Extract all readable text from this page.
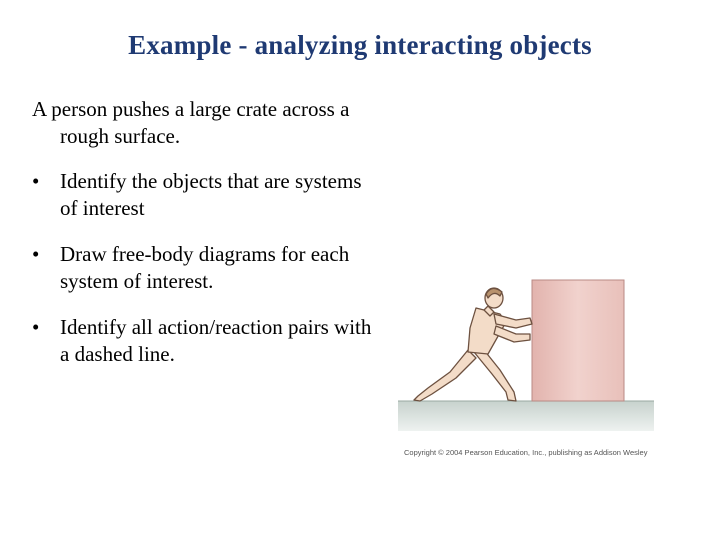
Example - analyzing interacting objects

A person pushes a large crate across a rough surface.

• Identify the objects that are systems of interest
• Draw free-body diagrams for each system of interest.
• Identify all action/reaction pairs with a dashed line.
Copyright © 2004 Pearson Education, Inc., publishing as Addison Wesley
